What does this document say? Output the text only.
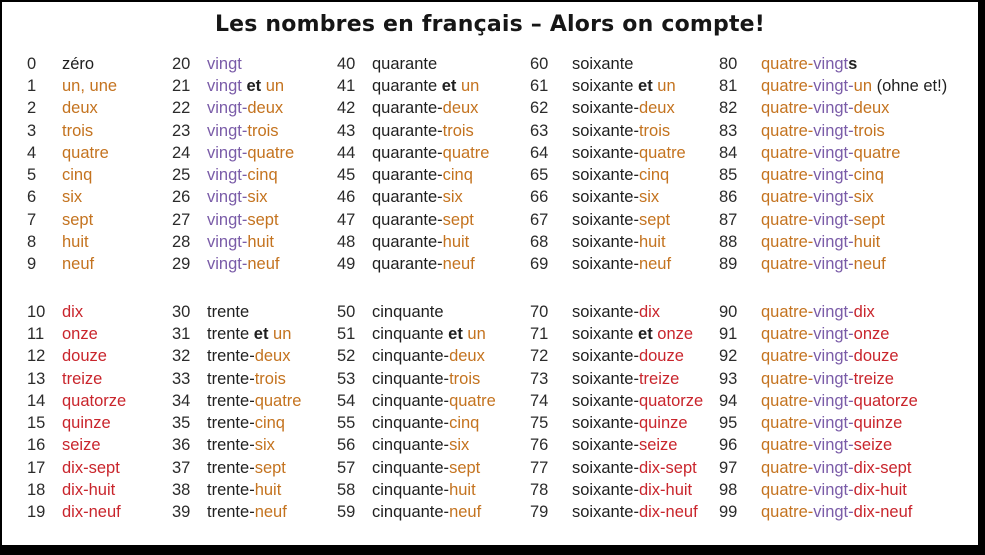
Les nombres en français – Alors on compte!
0	zéro
1	un, une
2	deux
3	trois
4	quatre
5	cinq
6	six
7	sept
8	huit
9	neuf
10	dix
11	onze
12	douze
13	treize
14	quatorze
15	quinze
16	seize
17	dix-sept
18	dix-huit
19	dix-neuf
20	vingt
21	vingt et un
22	vingt-deux
23	vingt-trois
24	vingt-quatre
25	vingt-cinq
26	vingt-six
27	vingt-sept
28	vingt-huit
29	vingt-neuf
30	trente
31	trente et un
32	trente-deux
33	trente-trois
34	trente-quatre
35	trente-cinq
36	trente-six
37	trente-sept
38	trente-huit
39	trente-neuf
40	quarante
41	quarante et un
42	quarante-deux
43	quarante-trois
44	quarante-quatre
45	quarante-cinq
46	quarante-six
47	quarante-sept
48	quarante-huit
49	quarante-neuf
50	cinquante
51	cinquante et un
52	cinquante-deux
53	cinquante-trois
54	cinquante-quatre
55	cinquante-cinq
56	cinquante-six
57	cinquante-sept
58	cinquante-huit
59	cinquante-neuf
60	soixante
61	soixante et un
62	soixante-deux
63	soixante-trois
64	soixante-quatre
65	soixante-cinq
66	soixante-six
67	soixante-sept
68	soixante-huit
69	soixante-neuf
70	soixante-dix
71	soixante et onze
72	soixante-douze
73	soixante-treize
74	soixante-quatorze
75	soixante-quinze
76	soixante-seize
77	soixante-dix-sept
78	soixante-dix-huit
79	soixante-dix-neuf
80	quatre-vingts
81	quatre-vingt-un (ohne et!)
82	quatre-vingt-deux
83	quatre-vingt-trois
84	quatre-vingt-quatre
85	quatre-vingt-cinq
86	quatre-vingt-six
87	quatre-vingt-sept
88	quatre-vingt-huit
89	quatre-vingt-neuf
90	quatre-vingt-dix
91	quatre-vingt-onze
92	quatre-vingt-douze
93	quatre-vingt-treize
94	quatre-vingt-quatorze
95	quatre-vingt-quinze
96	quatre-vingt-seize
97	quatre-vingt-dix-sept
98	quatre-vingt-dix-huit
99	quatre-vingt-dix-neuf
